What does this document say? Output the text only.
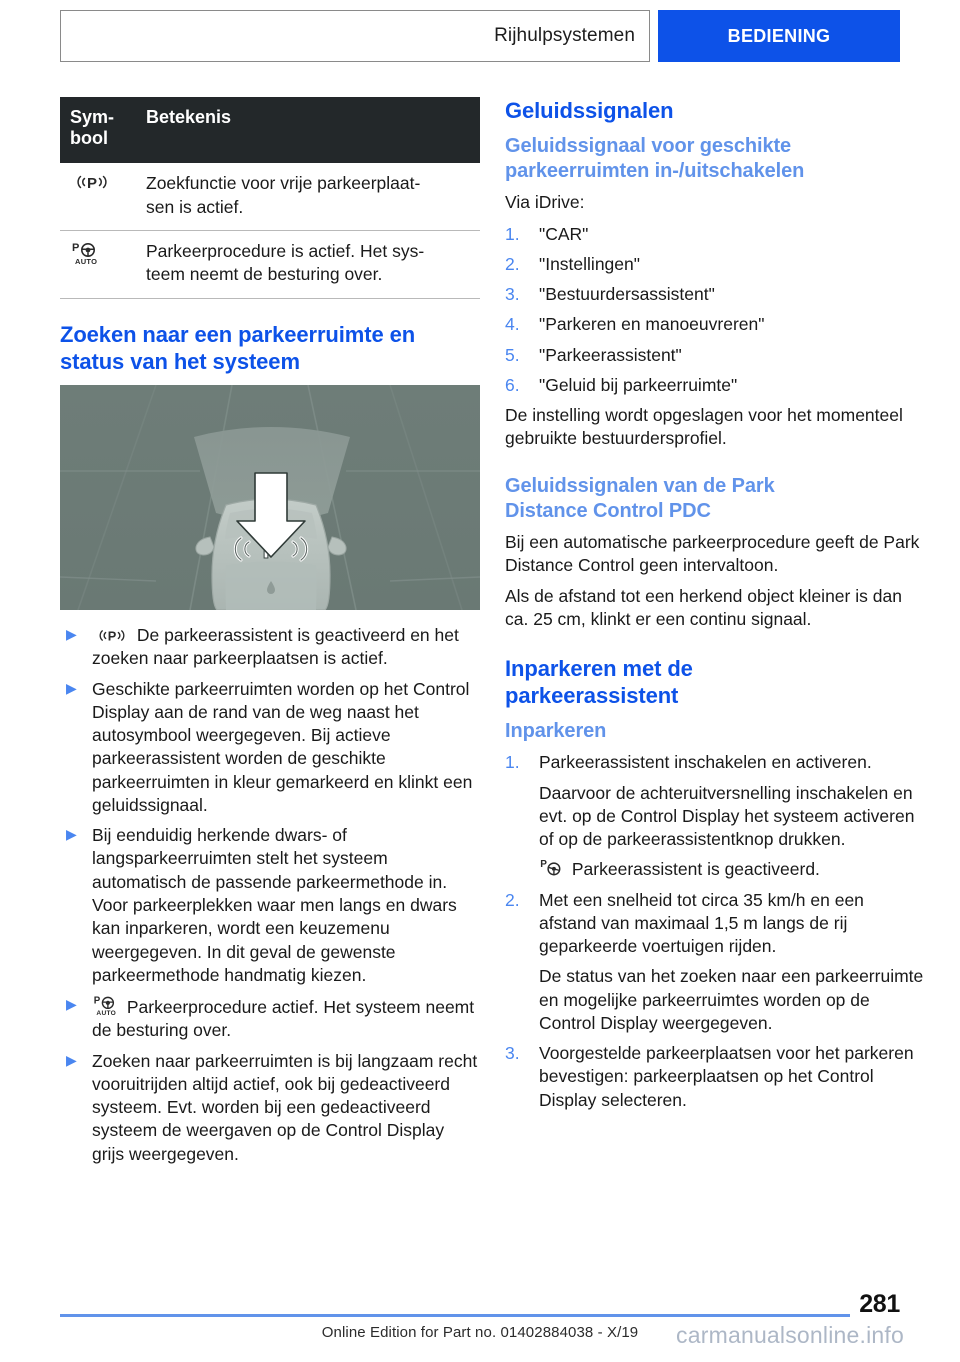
Rijhulpsystemen	BEDIENING
Sym-
bool	Betekenis

P	Zoekfunctie voor vrije parkeerplaat-
sen is actief.

P
AUTO	Parkeerprocedure is actief. Het sys-
teem neemt de besturing over.
Zoeken naar een parkeerruimte en
status van het systeem
▶ P De parkeerassistent is geactiveerd en het zoeken naar parkeerplaatsen is actief.
▶ Geschikte parkeerruimten worden op het Control Display aan de rand van de weg naast het autosymbool weergegeven. Bij actieve parkeerassistent worden de geschikte parkeerruimten in kleur gemarkeerd en klinkt een geluidssignaal.
▶ Bij eenduidig herkende dwars- of langsparkeerruimten stelt het systeem automatisch de passende parkeermethode in. Voor parkeerplekken waar men langs en dwars kan inparkeren, wordt een keuzemenu weergegeven. In dit geval de gewenste parkeermethode handmatig kiezen.
▶ P
AUTO Parkeerprocedure actief. Het systeem neemt de besturing over.
▶ Zoeken naar parkeerruimten is bij langzaam recht vooruitrijden altijd actief, ook bij gedeactiveerd systeem. Evt. worden bij een gedeactiveerd systeem de weergaven op de Control Display grijs weergegeven.
Geluidssignalen
Geluidssignaal voor geschikte
parkeerruimten in-/uitschakelen

Via iDrive:

1.	"CAR"
2.	"Instellingen"
3.	"Bestuurdersassistent"
4.	"Parkeren en manoeuvreren"
5.	"Parkeerassistent"
6.	"Geluid bij parkeerruimte"

De instelling wordt opgeslagen voor het momenteel gebruikte bestuurdersprofiel.

Geluidssignalen van de Park
Distance Control PDC

Bij een automatische parkeerprocedure geeft de Park Distance Control geen intervaltoon.

Als de afstand tot een herkend object kleiner is dan ca. 25 cm, klinkt er een continu signaal.

Inparkeren met de
parkeerassistent
Inparkeren
1.	Parkeerassistent inschakelen en activeren.
Daarvoor de achteruitversnelling inschakelen en evt. op de Control Display het systeem activeren of op de parkeerassistentknop drukken.
P Parkeerassistent is geactiveerd.
2.	Met een snelheid tot circa 35 km/h en een afstand van maximaal 1,5 m langs de rij geparkeerde voertuigen rijden.
De status van het zoeken naar een parkeerruimte en mogelijke parkeerruimtes worden op de Control Display weergegeven.
3.	Voorgestelde parkeerplaatsen voor het parkeren bevestigen: parkeerplaatsen op het Control Display selecteren.
281
Online Edition for Part no. 01402884038 - X/19	carmanualsonline.info
